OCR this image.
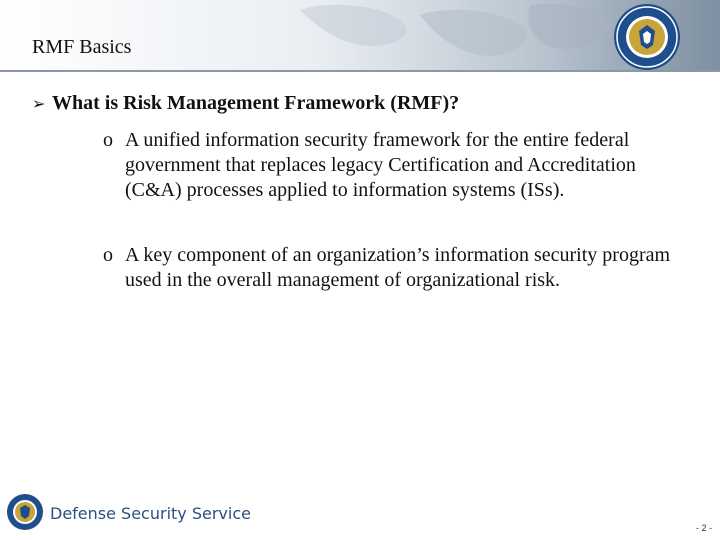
RMF Basics
➢ What is Risk Management Framework (RMF)?
o A unified information security framework for the entire federal government that replaces legacy Certification and Accreditation (C&A) processes applied to information systems (ISs).
o A key component of an organization’s information security program used in the overall management of organizational risk.
Defense Security Service
- 2 -
